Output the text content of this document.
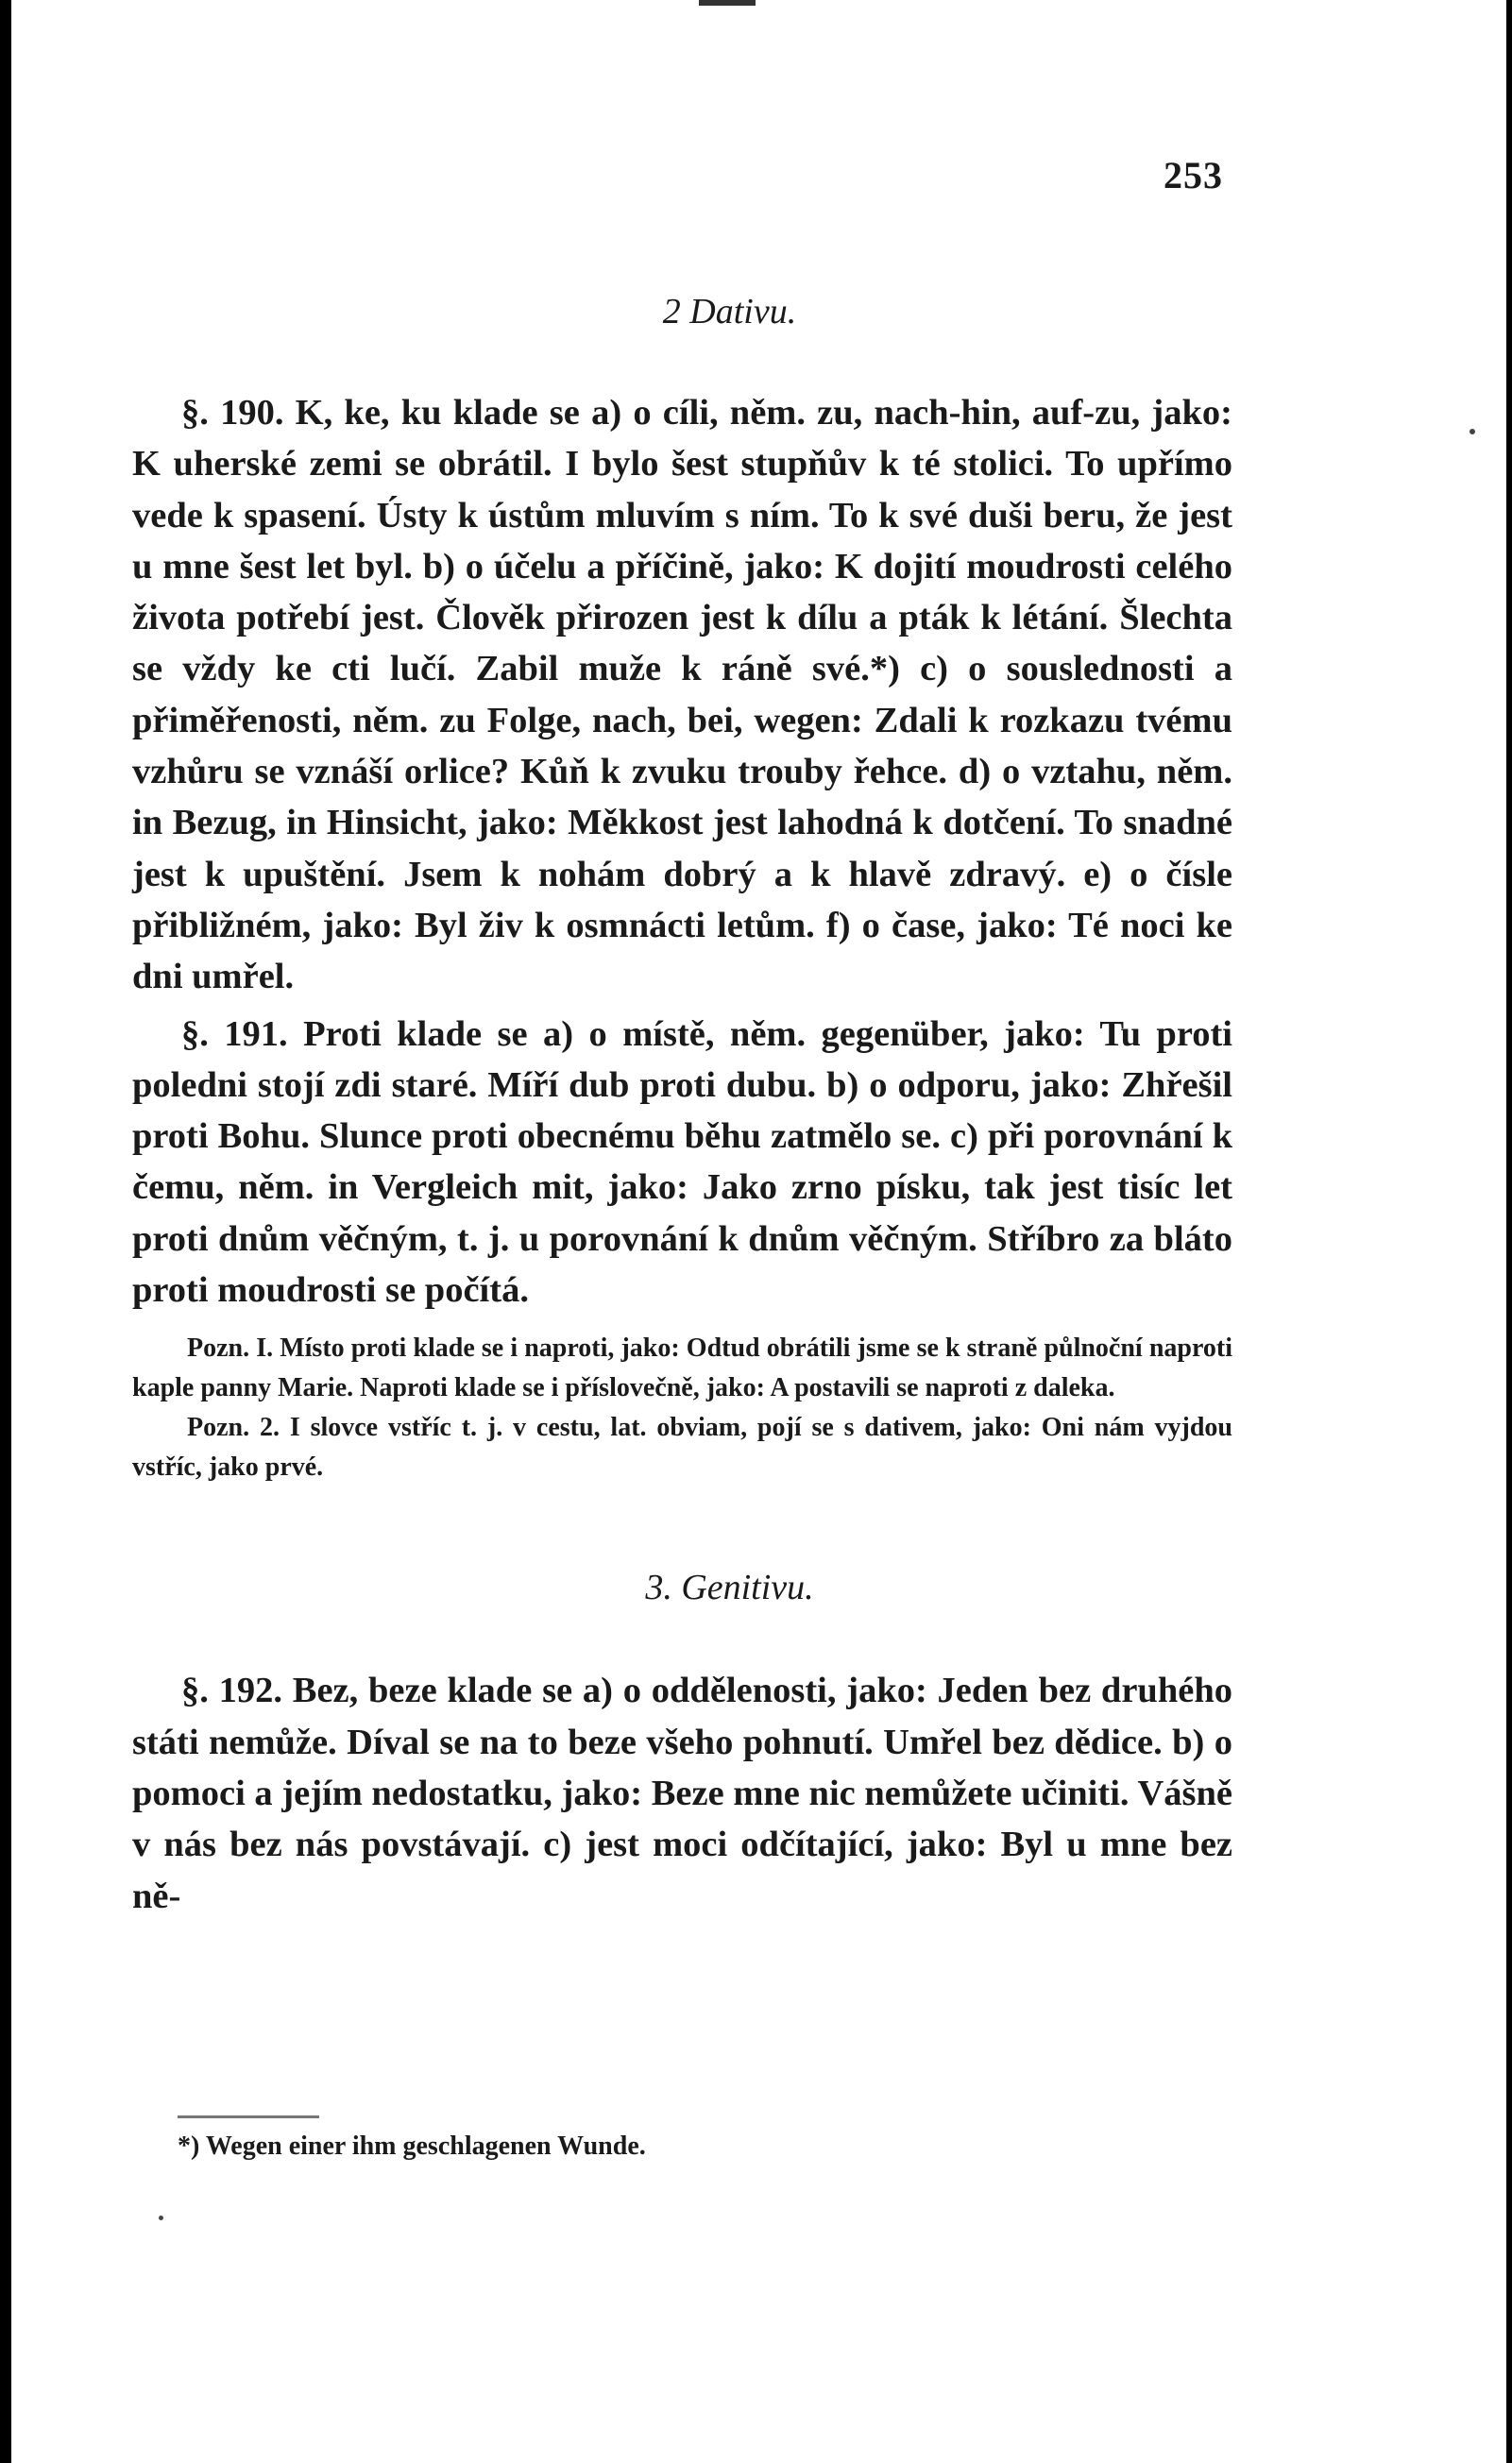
253
2 Dativu.

§. 190. K, ke, ku klade se a) o cíli, něm. zu, nach-hin, auf-zu, jako: K uherské zemi se obrátil. I bylo šest stupňův k té stolici. To upřímo vede k spasení. Ústy k ústům mluvím s ním. To k své duši beru, že jest u mne šest let byl. b) o účelu a příčině, jako: K dojití moudrosti celého života potřebí jest. Člověk přirozen jest k dílu a pták k létání. Šlechta se vždy ke cti lučí. Zabil muže k ráně své.*) c) o souslednosti a přiměřenosti, něm. zu Folge, nach, bei, wegen: Zdali k rozkazu tvému vzhůru se vznáší orlice? Kůň k zvuku trouby řehce. d) o vztahu, něm. in Bezug, in Hinsicht, jako: Měkkost jest lahodná k dotčení. To snadné jest k upuštění. Jsem k nohám dobrý a k hlavě zdravý. e) o čísle přibližném, jako: Byl živ k osmnácti letům. f) o čase, jako: Té noci ke dni umřel.

§. 191. Proti klade se a) o místě, něm. gegenüber, jako: Tu proti poledni stojí zdi staré. Míří dub proti dubu. b) o odporu, jako: Zhřešil proti Bohu. Slunce proti obecnému běhu zatmělo se. c) při porovnání k čemu, něm. in Vergleich mit, jako: Jako zrno písku, tak jest tisíc let proti dnům věčným, t. j. u porovnání k dnům věčným. Stříbro za bláto proti moudrosti se počítá.

Pozn. I. Místo proti klade se i naproti, jako: Odtud obrátili jsme se k straně půlnoční naproti kaple panny Marie. Naproti klade se i příslovečně, jako: A postavili se naproti z daleka.

Pozn. 2. I slovce vstříc t. j. v cestu, lat. obviam, pojí se s dativem, jako: Oni nám vyjdou vstříc, jako prvé.

3. Genitivu.

§. 192. Bez, beze klade se a) o oddělenosti, jako: Jeden bez druhého státi nemůže. Díval se na to beze všeho pohnutí. Umřel bez dědice. b) o pomoci a jejím nedostatku, jako: Beze mne nic nemůžete učiniti. Vášně v nás bez nás povstávají. c) jest moci odčítající, jako: Byl u mne bez ně-

*) Wegen einer ihm geschlagenen Wunde.
